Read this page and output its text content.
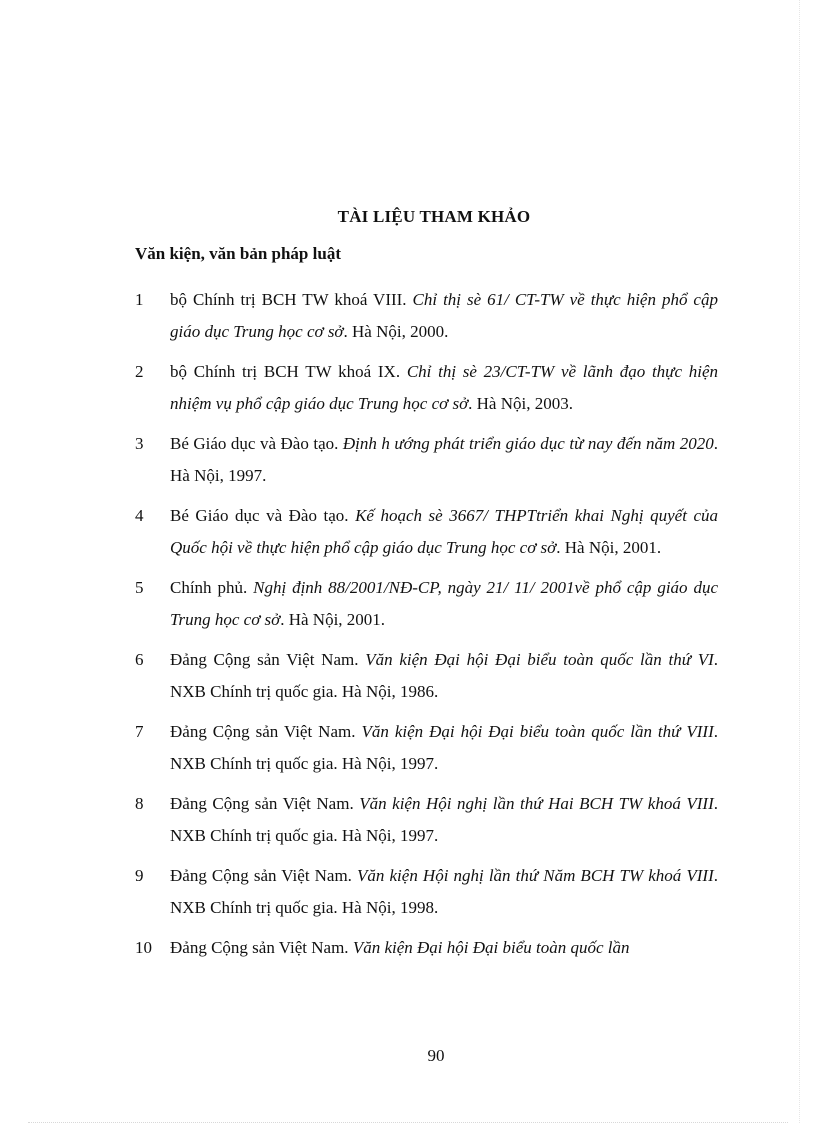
TÀI LIỆU THAM KHẢO
Văn kiện, văn bản pháp luật
1 bộ Chính trị BCH TW khoá VIII. Chỉ thị sè 61/ CT-TW về thực hiện phổ cập giáo dục Trung học cơ sở. Hà Nội, 2000.
2 bộ Chính trị BCH TW khoá IX. Chỉ thị sè 23/CT-TW về lãnh đạo thực hiện nhiệm vụ phổ cập giáo dục Trung học cơ sở. Hà Nội, 2003.
3 Bé Giáo dục và Đào tạo. Định h ướng phát triển giáo dục từ nay đến năm 2020. Hà Nội, 1997.
4 Bé Giáo dục và Đào tạo. Kế hoạch sè 3667/ THPTtriển khai Nghị quyết của Quốc hội về thực hiện phổ cập giáo dục Trung học cơ sở. Hà Nội, 2001.
5 Chính phủ. Nghị định 88/2001/NĐ-CP, ngày 21/ 11/ 2001về phổ cập giáo dục Trung học cơ sở. Hà Nội, 2001.
6 Đảng Cộng sản Việt Nam. Văn kiện Đại hội Đại biểu toàn quốc lần thứ VI. NXB Chính trị quốc gia. Hà Nội, 1986.
7 Đảng Cộng sản Việt Nam. Văn kiện Đại hội Đại biểu toàn quốc lần thứ VIII. NXB Chính trị quốc gia. Hà Nội, 1997.
8 Đảng Cộng sản Việt Nam. Văn kiện Hội nghị lần thứ Hai BCH TW khoá VIII. NXB Chính trị quốc gia. Hà Nội, 1997.
9 Đảng Cộng sản Việt Nam. Văn kiện Hội nghị lần thứ Năm BCH TW khoá VIII. NXB Chính trị quốc gia. Hà Nội, 1998.
10 Đảng Cộng sản Việt Nam. Văn kiện Đại hội Đại biểu toàn quốc lần
90
